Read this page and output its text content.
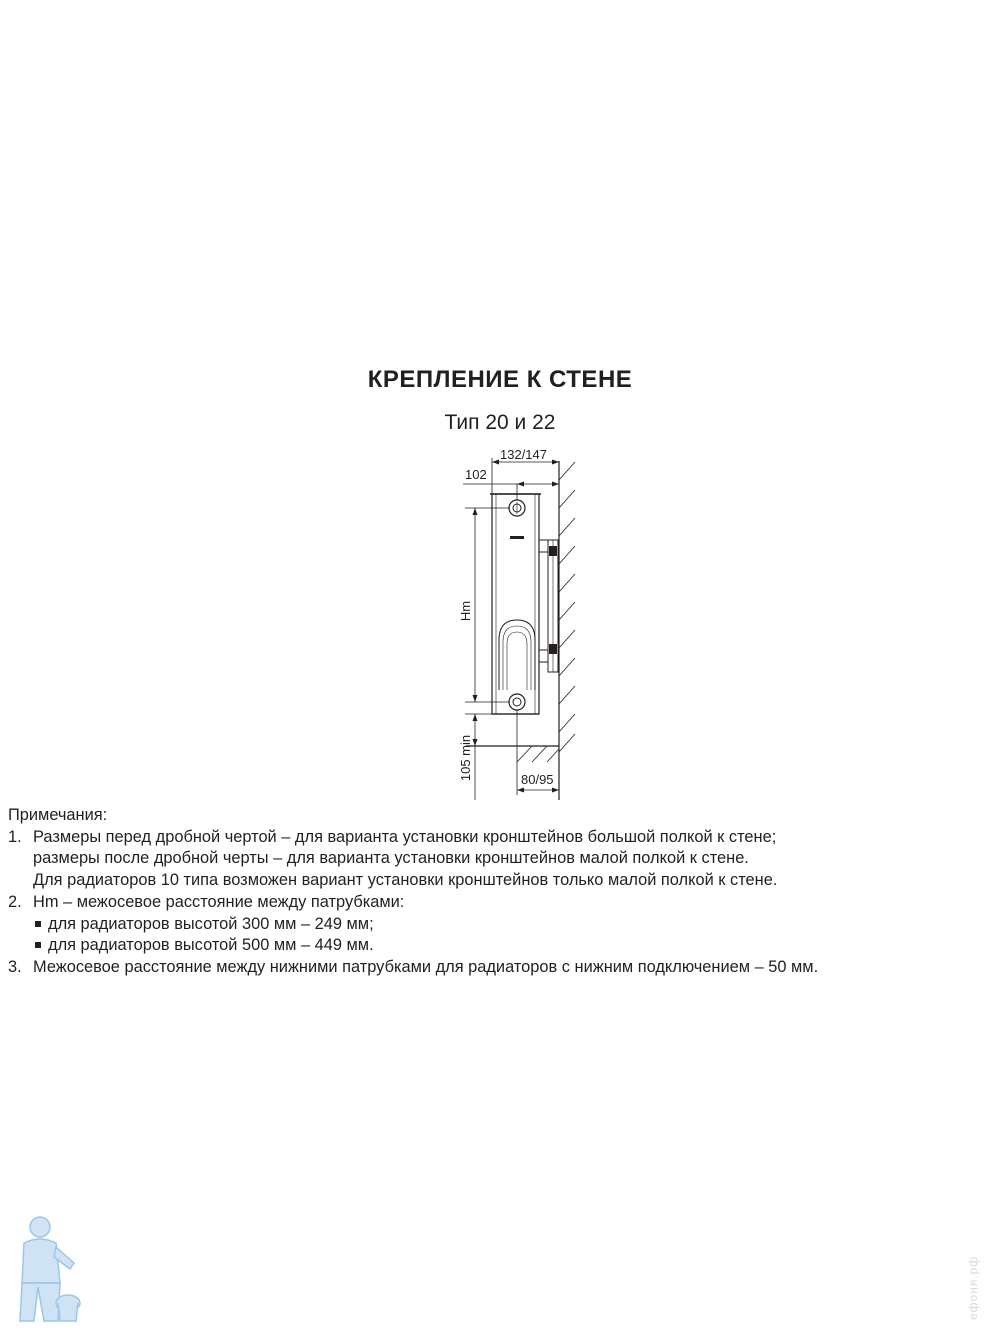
КРЕПЛЕНИЕ К СТЕНЕ
Тип 20 и 22
132/147
102
Hm
105 min	80/95
Примечания:
1. Размеры перед дробной чертой – для варианта установки кронштейнов большой полкой к стене;
размеры после дробной черты – для варианта установки кронштейнов малой полкой к стене.
Для радиаторов 10 типа возможен вариант установки кронштейнов только малой полкой к стене.
2. Hm – межосевое расстояние между патрубками:
для радиаторов высотой 300 мм – 249 мм;
для радиаторов высотой 500 мм – 449 мм.
3. Межосевое расстояние между нижними патрубками для радиаторов с нижним подключением – 50 мм.
ефоня.рф
